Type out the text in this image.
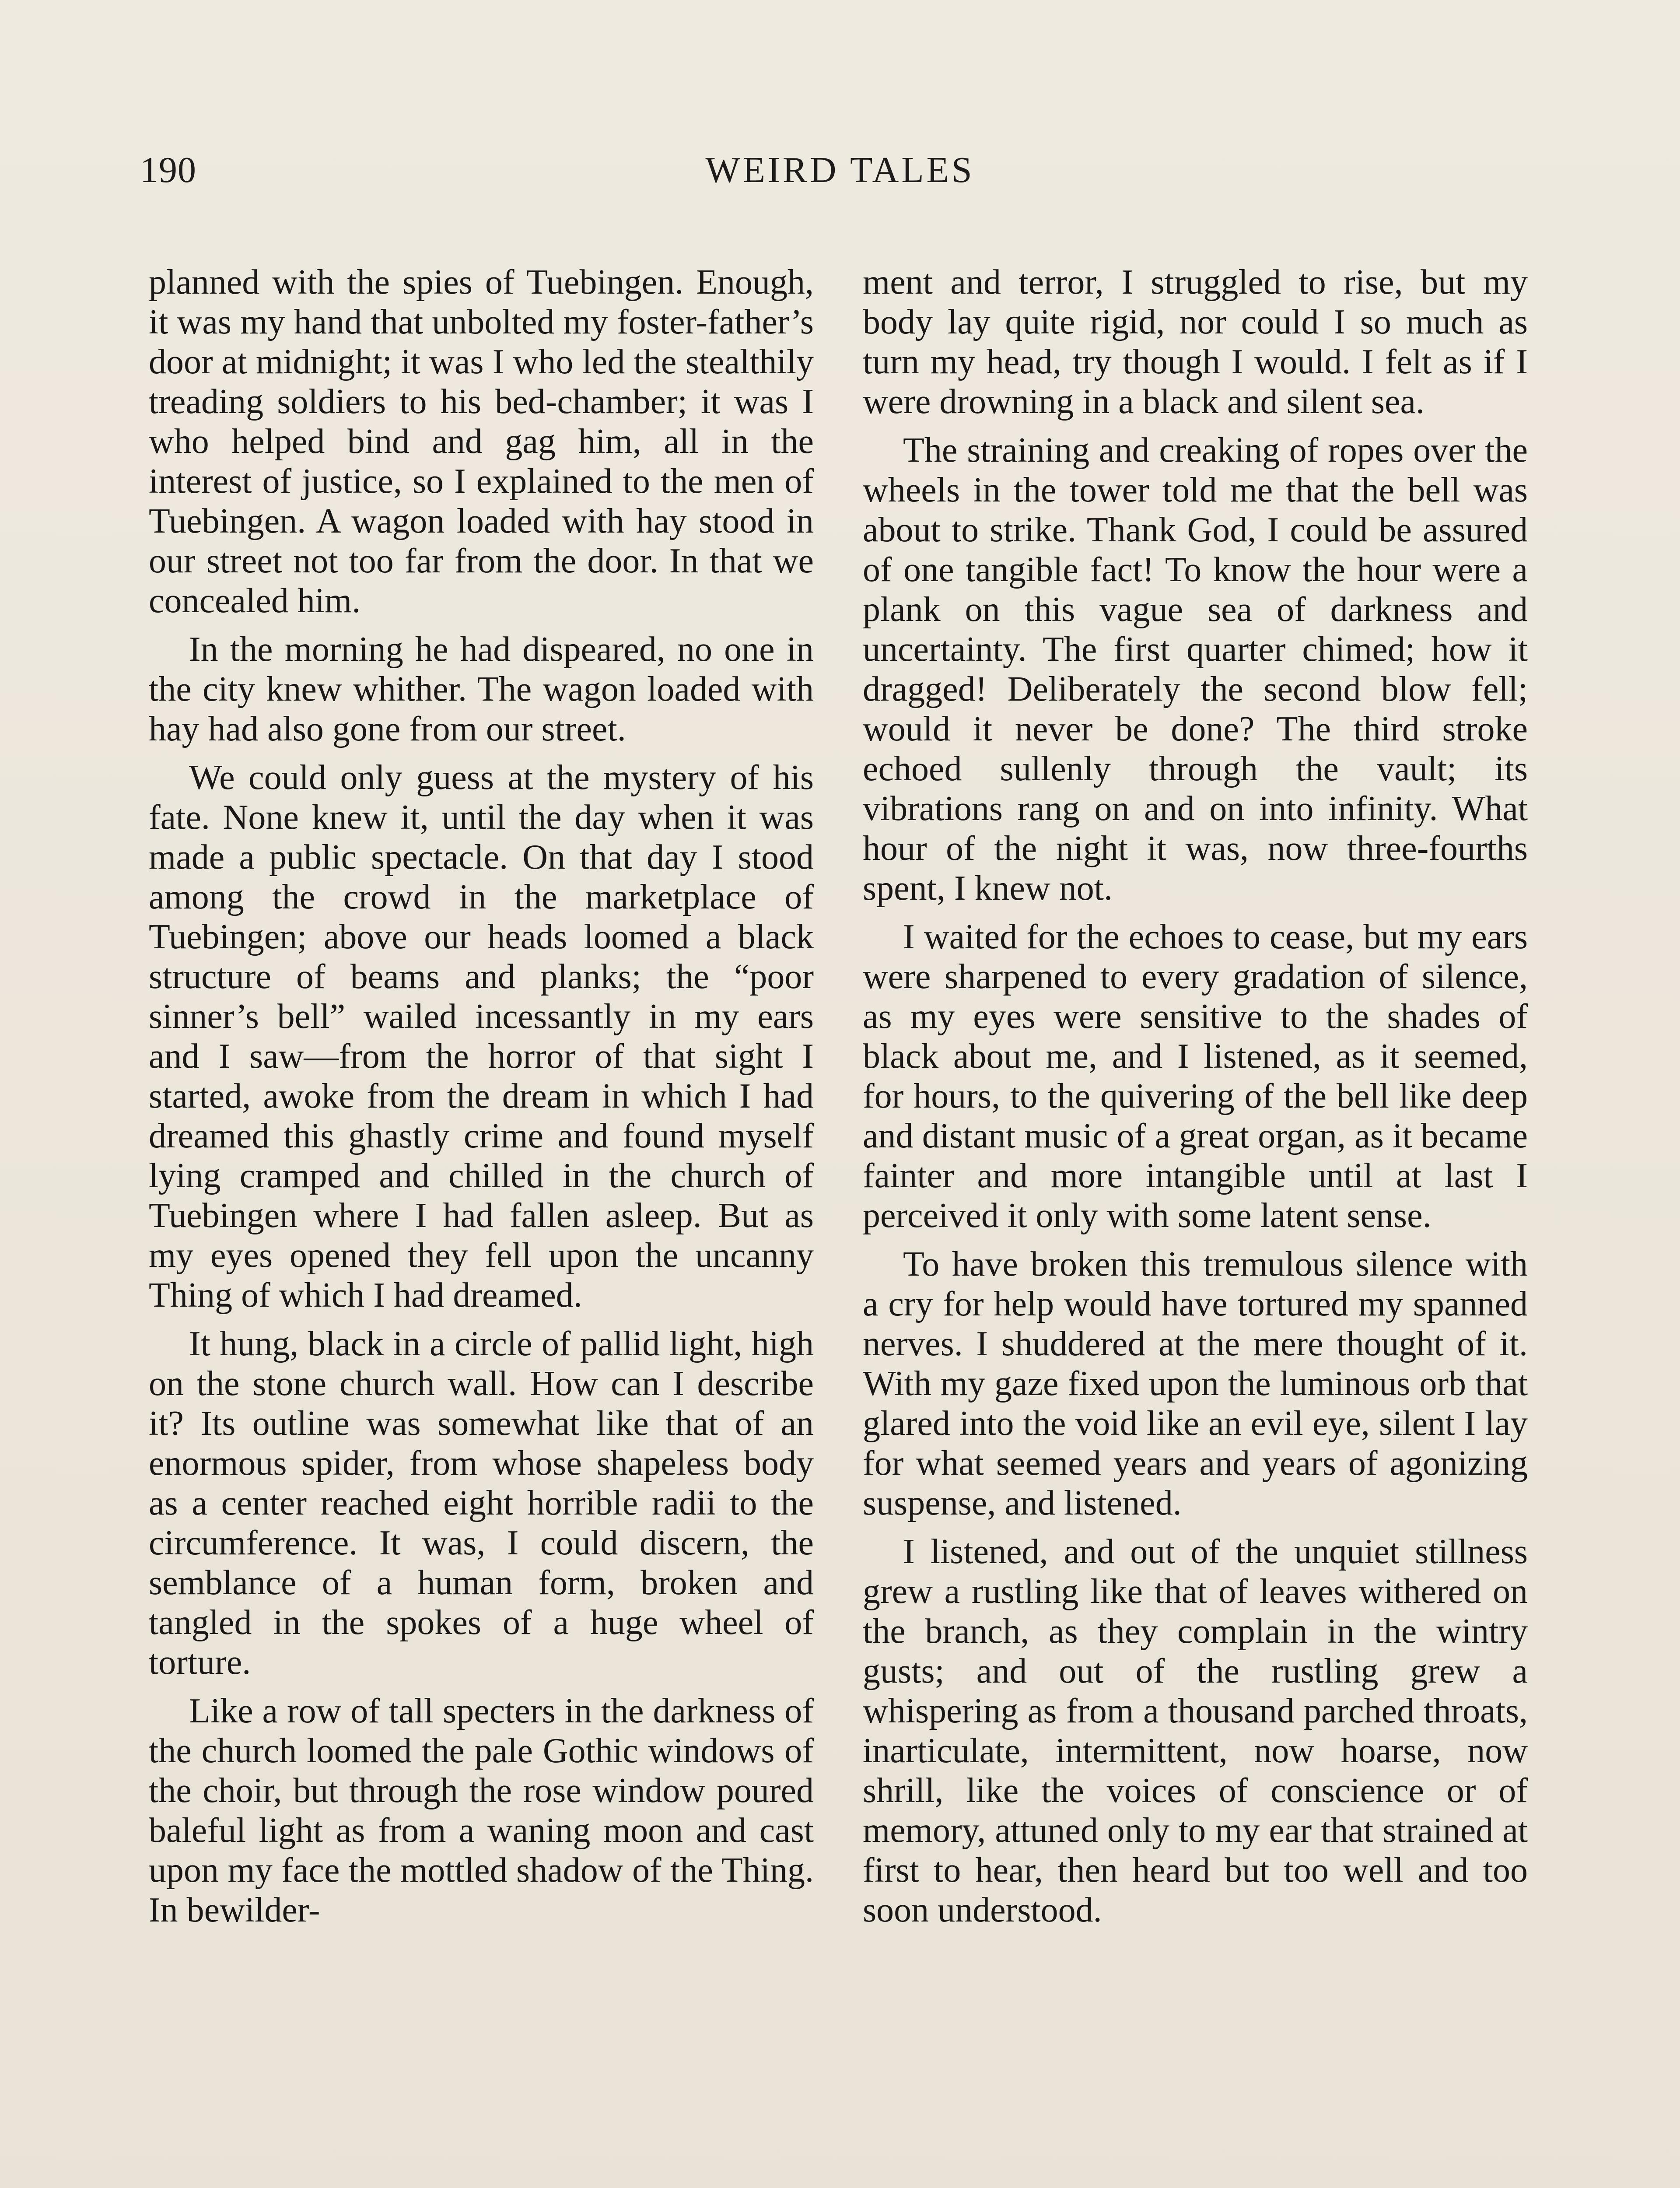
190	WEIRD TALES

planned with the spies of Tuebingen. Enough, it was my hand that unbolted my foster-father’s door at midnight; it was I who led the stealthily treading soldiers to his bed-chamber; it was I who helped bind and gag him, all in the interest of justice, so I explained to the men of Tuebingen. A wagon loaded with hay stood in our street not too far from the door. In that we concealed him.

In the morning he had dispeared, no one in the city knew whither. The wagon loaded with hay had also gone from our street.

We could only guess at the mystery of his fate. None knew it, until the day when it was made a public spectacle. On that day I stood among the crowd in the marketplace of Tuebingen; above our heads loomed a black structure of beams and planks; the “poor sinner’s bell” wailed incessantly in my ears and I saw—from the horror of that sight I started, awoke from the dream in which I had dreamed this ghastly crime and found myself lying cramped and chilled in the church of Tuebingen where I had fallen asleep. But as my eyes opened they fell upon the uncanny Thing of which I had dreamed.

It hung, black in a circle of pallid light, high on the stone church wall. How can I describe it? Its outline was somewhat like that of an enormous spider, from whose shapeless body as a center reached eight horrible radii to the circumference. It was, I could discern, the semblance of a human form, broken and tangled in the spokes of a huge wheel of torture.

Like a row of tall specters in the darkness of the church loomed the pale Gothic windows of the choir, but through the rose window poured baleful light as from a waning moon and cast upon my face the mottled shadow of the Thing. In bewilder-

ment and terror, I struggled to rise, but my body lay quite rigid, nor could I so much as turn my head, try though I would. I felt as if I were drowning in a black and silent sea.

The straining and creaking of ropes over the wheels in the tower told me that the bell was about to strike. Thank God, I could be assured of one tangible fact! To know the hour were a plank on this vague sea of darkness and uncertainty. The first quarter chimed; how it dragged! Deliberately the second blow fell; would it never be done? The third stroke echoed sullenly through the vault; its vibrations rang on and on into infinity. What hour of the night it was, now three-fourths spent, I knew not.

I waited for the echoes to cease, but my ears were sharpened to every gradation of silence, as my eyes were sensitive to the shades of black about me, and I listened, as it seemed, for hours, to the quivering of the bell like deep and distant music of a great organ, as it became fainter and more intangible until at last I perceived it only with some latent sense.

To have broken this tremulous silence with a cry for help would have tortured my spanned nerves. I shuddered at the mere thought of it. With my gaze fixed upon the luminous orb that glared into the void like an evil eye, silent I lay for what seemed years and years of agonizing suspense, and listened.

I listened, and out of the unquiet stillness grew a rustling like that of leaves withered on the branch, as they complain in the wintry gusts; and out of the rustling grew a whispering as from a thousand parched throats, inarticulate, intermittent, now hoarse, now shrill, like the voices of conscience or of memory, attuned only to my ear that strained at first to hear, then heard but too well and too soon understood.
